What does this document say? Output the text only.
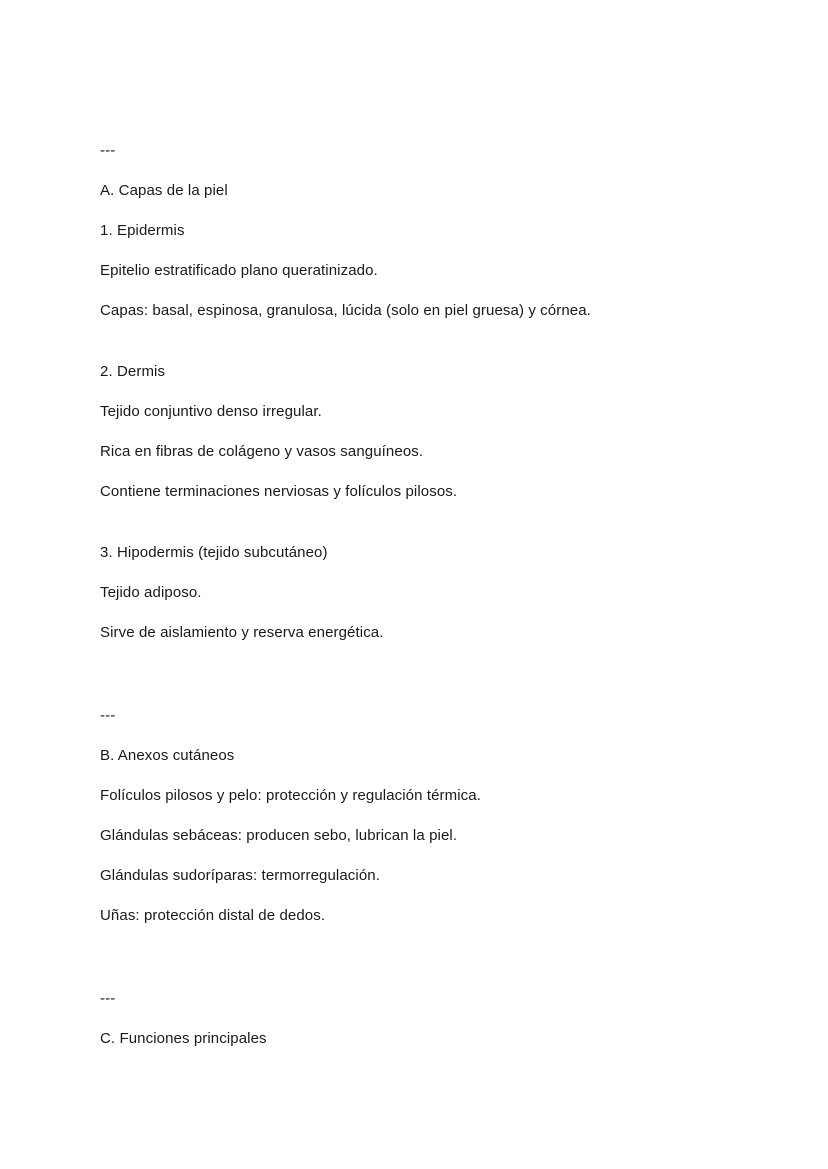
---

A. Capas de la piel

1. Epidermis

Epitelio estratificado plano queratinizado.

Capas: basal, espinosa, granulosa, lúcida (solo en piel gruesa) y córnea.

2. Dermis

Tejido conjuntivo denso irregular.

Rica en fibras de colágeno y vasos sanguíneos.

Contiene terminaciones nerviosas y folículos pilosos.

3. Hipodermis (tejido subcutáneo)

Tejido adiposo.

Sirve de aislamiento y reserva energética.

---

B. Anexos cutáneos

Folículos pilosos y pelo: protección y regulación térmica.

Glándulas sebáceas: producen sebo, lubrican la piel.

Glándulas sudoríparas: termorregulación.

Uñas: protección distal de dedos.

---

C. Funciones principales
